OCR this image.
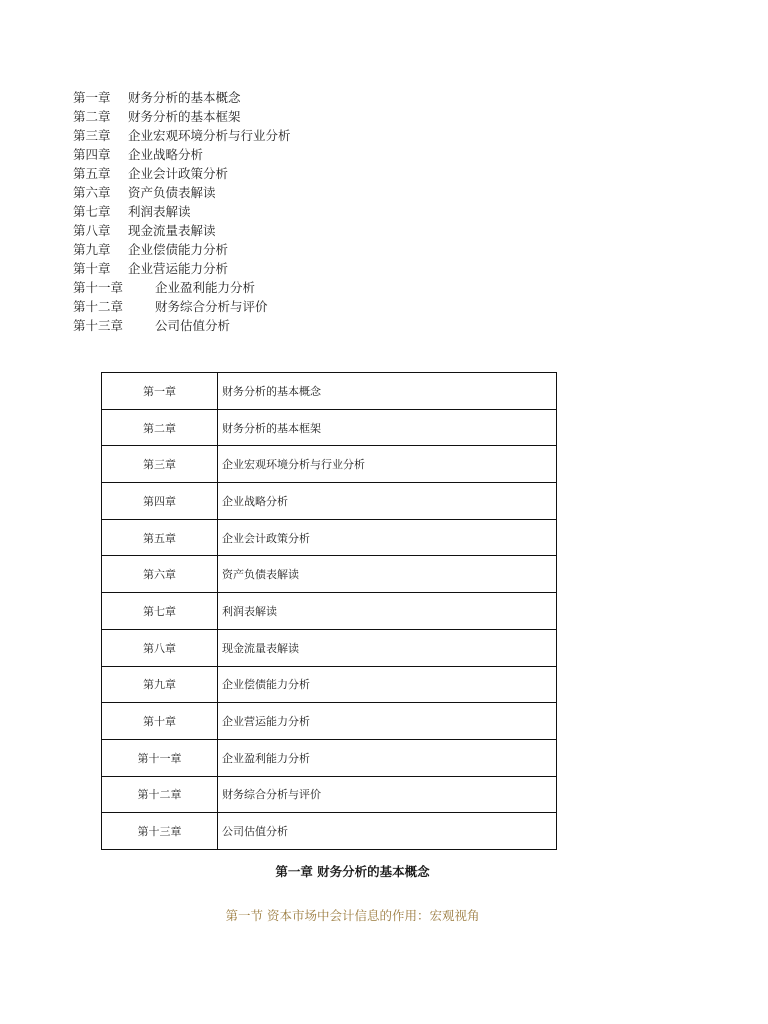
第一章	财务分析的基本概念
第二章	财务分析的基本框架
第三章	企业宏观环境分析与行业分析
第四章	企业战略分析
第五章	企业会计政策分析
第六章	资产负债表解读
第七章	利润表解读
第八章	现金流量表解读
第九章	企业偿债能力分析
第十章	企业营运能力分析
第十一章	企业盈利能力分析
第十二章	财务综合分析与评价
第十三章	公司估值分析
第一章	财务分析的基本概念
第二章	财务分析的基本框架
第三章	企业宏观环境分析与行业分析
第四章	企业战略分析
第五章	企业会计政策分析
第六章	资产负债表解读
第七章	利润表解读
第八章	现金流量表解读
第九章	企业偿债能力分析
第十章	企业营运能力分析
第十一章	企业盈利能力分析
第十二章	财务综合分析与评价
第十三章	公司估值分析
第一章 财务分析的基本概念
第一节 资本市场中会计信息的作用：宏观视角
